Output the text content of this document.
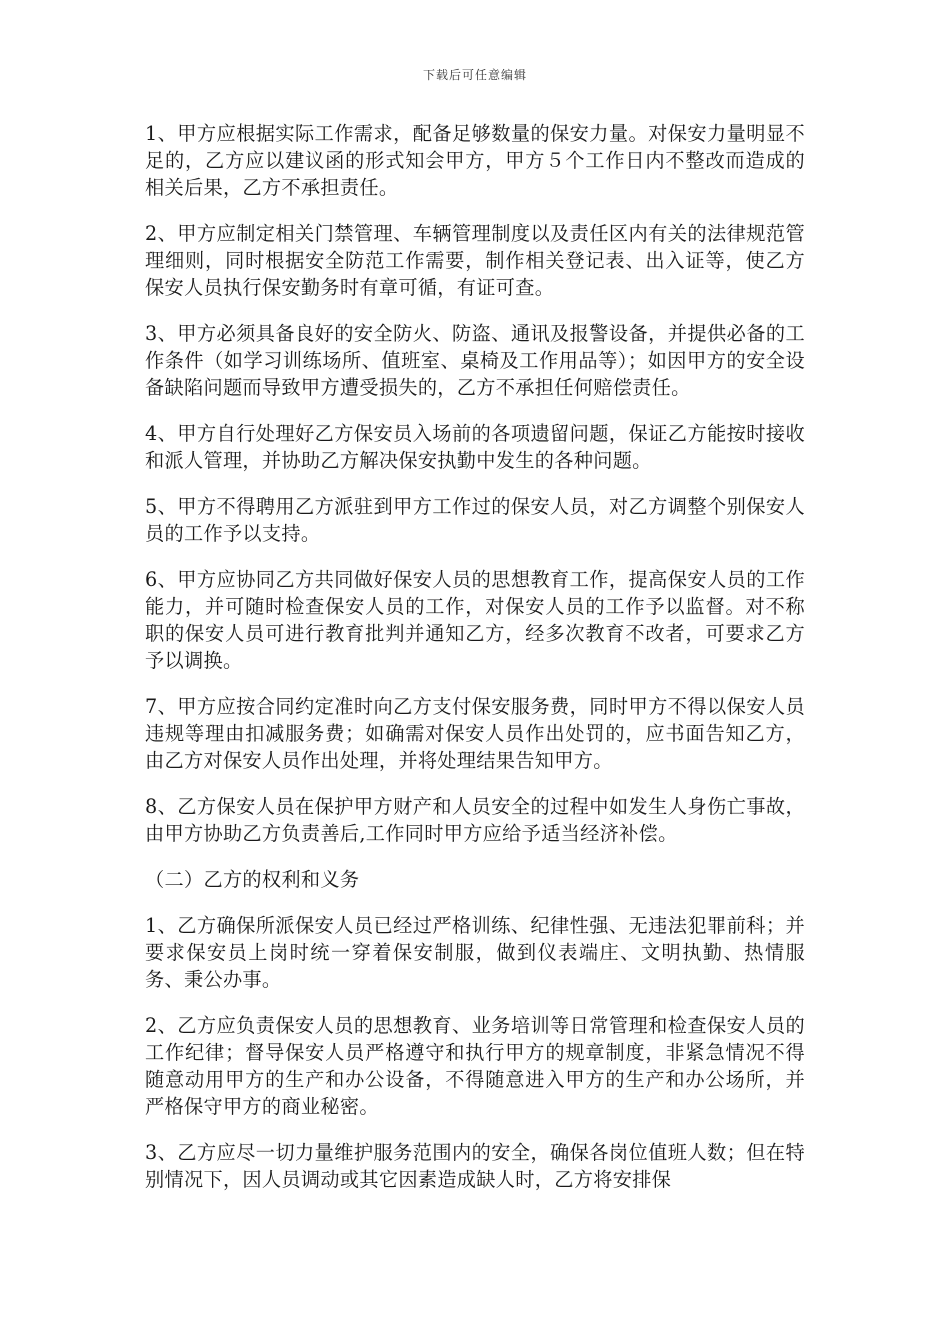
下载后可任意编辑

1、甲方应根据实际工作需求，配备足够数量的保安力量。对保安力量明显不足的，乙方应以建议函的形式知会甲方，甲方５个工作日内不整改而造成的相关后果，乙方不承担责任。

2、甲方应制定相关门禁管理、车辆管理制度以及责任区内有关的法律规范管理细则，同时根据安全防范工作需要，制作相关登记表、出入证等，使乙方保安人员执行保安勤务时有章可循，有证可查。

3、甲方必须具备良好的安全防火、防盗、通讯及报警设备，并提供必备的工作条件（如学习训练场所、值班室、桌椅及工作用品等）；如因甲方的安全设备缺陷问题而导致甲方遭受损失的，乙方不承担任何赔偿责任。

4、甲方自行处理好乙方保安员入场前的各项遗留问题，保证乙方能按时接收和派人管理，并协助乙方解决保安执勤中发生的各种问题。

5、甲方不得聘用乙方派驻到甲方工作过的保安人员，对乙方调整个别保安人员的工作予以支持。

6、甲方应协同乙方共同做好保安人员的思想教育工作，提高保安人员的工作能力，并可随时检查保安人员的工作，对保安人员的工作予以监督。对不称职的保安人员可进行教育批判并通知乙方，经多次教育不改者，可要求乙方予以调换。

7、甲方应按合同约定准时向乙方支付保安服务费，同时甲方不得以保安人员违规等理由扣减服务费；如确需对保安人员作出处罚的，应书面告知乙方，由乙方对保安人员作出处理，并将处理结果告知甲方。

8、乙方保安人员在保护甲方财产和人员安全的过程中如发生人身伤亡事故，由甲方协助乙方负责善后,工作同时甲方应给予适当经济补偿。

（二）乙方的权利和义务

1、乙方确保所派保安人员已经过严格训练、纪律性强、无违法犯罪前科；并要求保安员上岗时统一穿着保安制服，做到仪表端庄、文明执勤、热情服务、秉公办事。

2、乙方应负责保安人员的思想教育、业务培训等日常管理和检查保安人员的工作纪律；督导保安人员严格遵守和执行甲方的规章制度，非紧急情况不得随意动用甲方的生产和办公设备，不得随意进入甲方的生产和办公场所，并严格保守甲方的商业秘密。

3、乙方应尽一切力量维护服务范围内的安全，确保各岗位值班人数；但在特别情况下，因人员调动或其它因素造成缺人时，乙方将安排保
